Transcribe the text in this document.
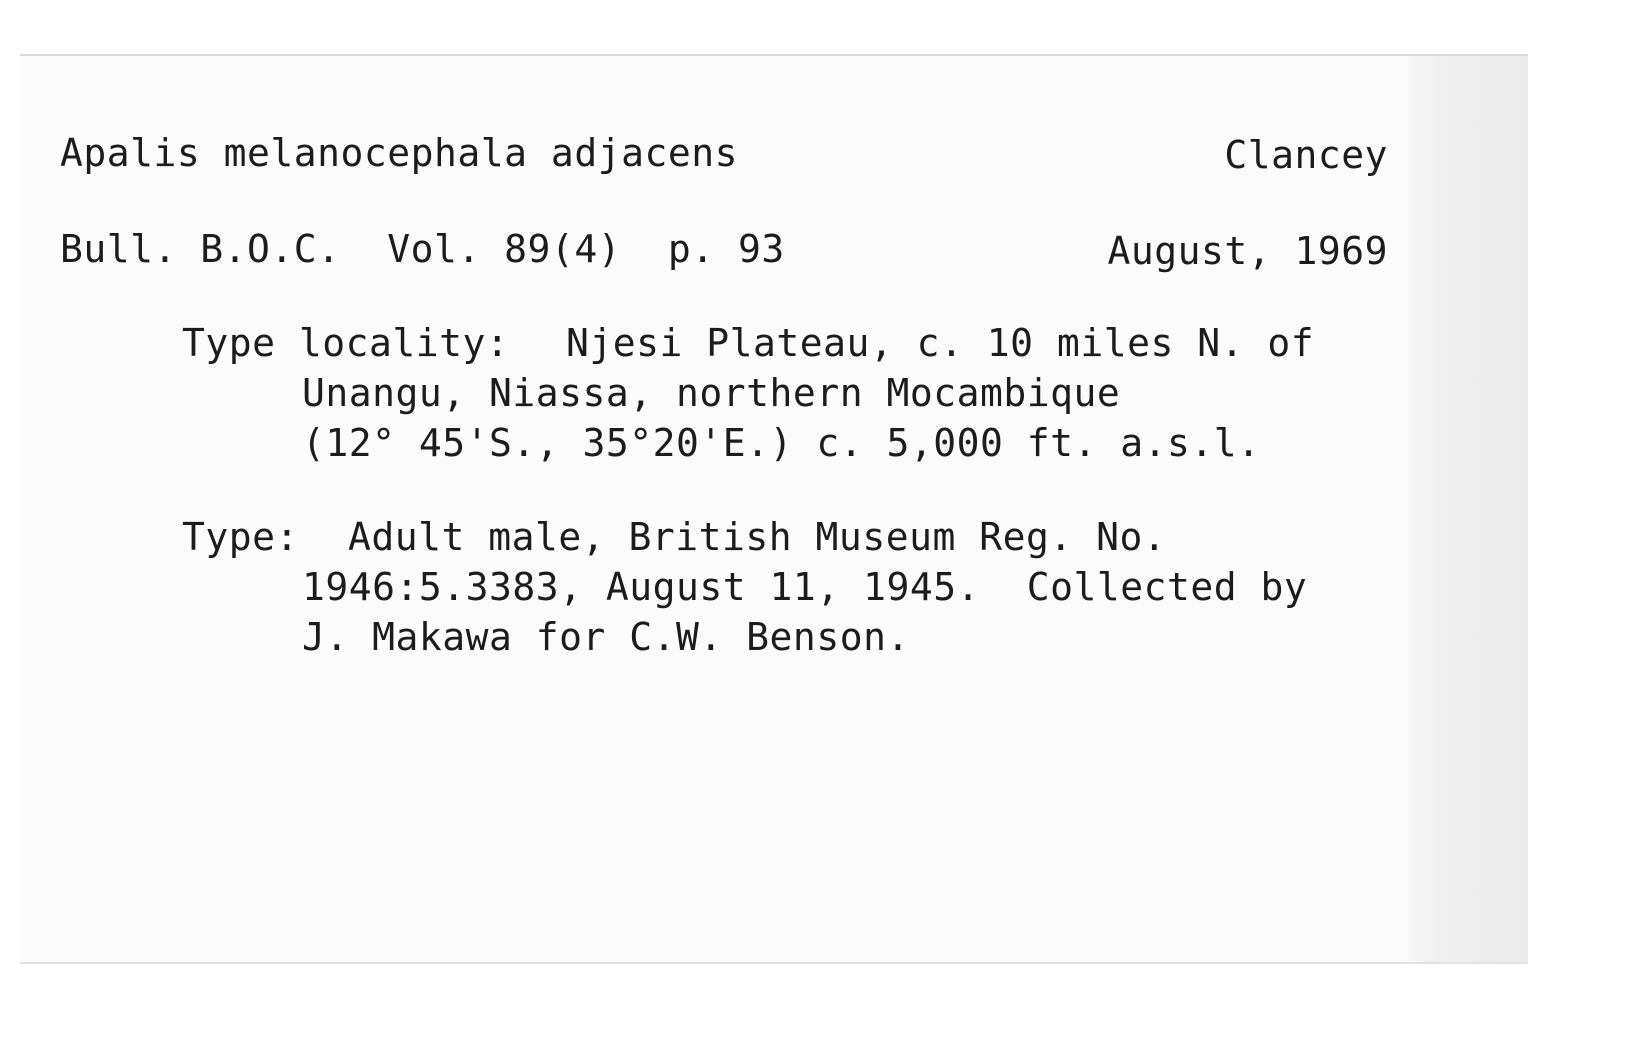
Apalis melanocephala adjacens	Clancey
Bull. B.O.C.  Vol. 89(4)  p. 93	August, 1969
Type locality: Njesi Plateau, c. 10 miles N. of
Unangu, Niassa, northern Mocambique
(12° 45'S., 35°20'E.) c. 5,000 ft. a.s.l.
Type: Adult male, British Museum Reg. No.
1946:5.3383, August 11, 1945.  Collected by
J. Makawa for C.W. Benson.
